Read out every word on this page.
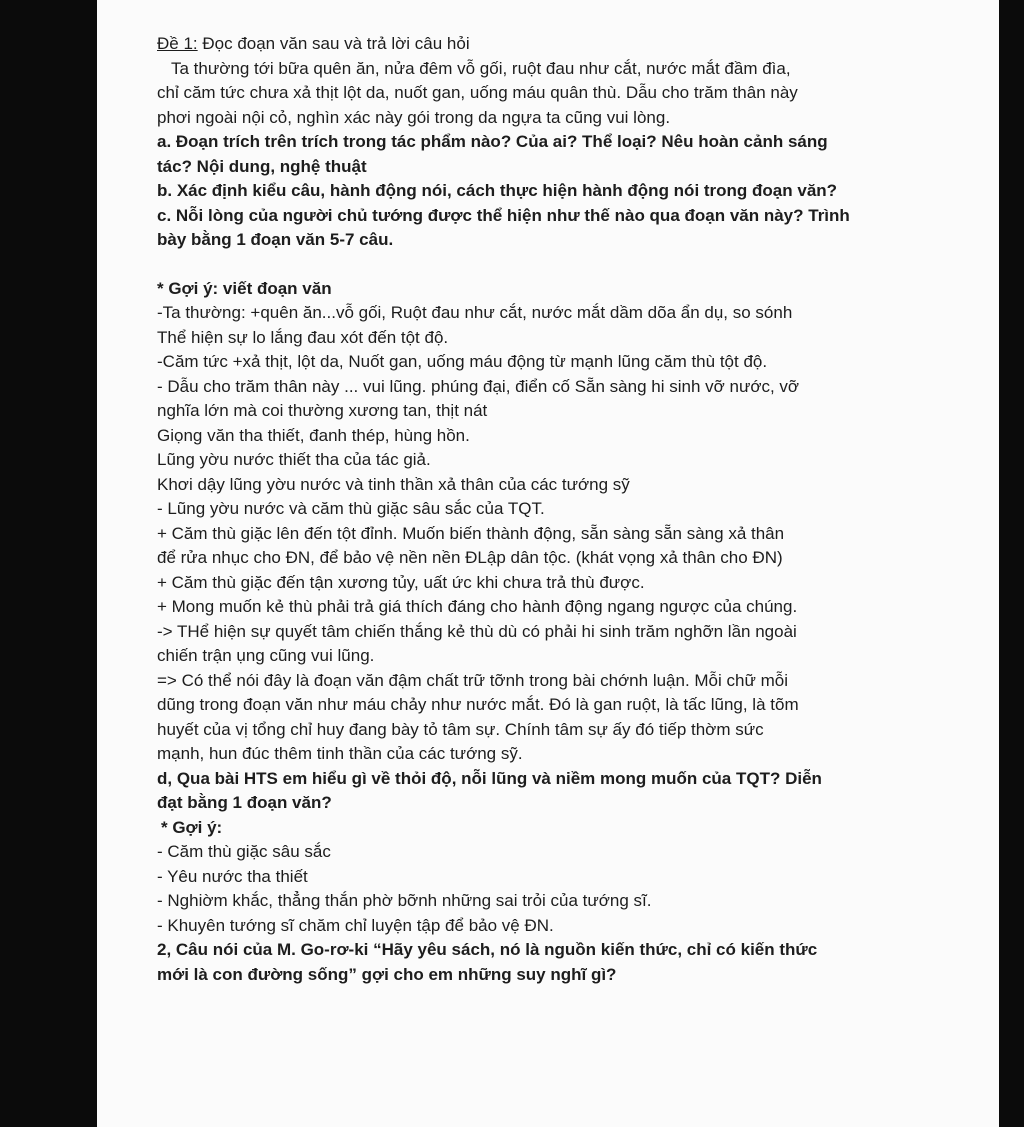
Đề 1: Đọc đoạn văn sau và trả lời câu hỏi
Ta thường tới bữa quên ăn, nửa đêm vỗ gối, ruột đau như cắt, nước mắt đầm đìa,
chỉ căm tức chưa xả thịt lột da, nuốt gan, uống máu quân thù. Dẫu cho trăm thân này
phơi ngoài nội cỏ, nghìn xác này gói trong da ngựa ta cũng vui lòng.
a. Đoạn trích trên trích trong tác phẩm nào? Của ai? Thể loại? Nêu hoàn cảnh sáng
tác? Nội dung, nghệ thuật
b. Xác định kiểu câu, hành động nói, cách thực hiện hành động nói trong đoạn văn?
c. Nỗi lòng của người chủ tướng được thể hiện như thế nào qua đoạn văn này? Trình
bày bằng 1 đoạn văn 5-7 câu.
* Gợi ý: viết đoạn văn
-Ta thường: +quên ăn...vỗ gối, Ruột đau như cắt, nước mắt dầm dõa ẩn dụ, so sónh
Thể hiện sự lo lắng đau xót đến tột độ.
-Căm tức +xả thịt, lột da, Nuốt gan, uống máu động từ mạnh lũng căm thù tột độ.
- Dẫu cho trăm thân này ... vui lũng. phúng đại, điển cố Sẵn sàng hi sinh vỡ nước, vỡ
nghĩa lớn mà coi thường xương tan, thịt nát
Giọng văn tha thiết, đanh thép, hùng hồn.
Lũng yờu nước thiết tha của tác giả.
Khơi dậy lũng yờu nước và tinh thần xả thân của các tướng sỹ
- Lũng yờu nước và căm thù giặc sâu sắc của TQT.
+ Căm thù giặc lên đến tột đỉnh. Muốn biến thành động, sẵn sàng sẵn sàng xả thân
để rửa nhục cho ĐN, để bảo vệ nền nền ĐLập dân tộc. (khát vọng xả thân cho ĐN)
+ Căm thù giặc đến tận xương tủy, uất ức khi chưa trả thù được.
+ Mong muốn kẻ thù phải trả giá thích đáng cho hành động ngang ngược của chúng.
-> THể hiện sự quyết tâm chiến thắng kẻ thù dù có phải hi sinh trăm nghỡn lần ngoài
chiến trận ụng cũng vui lũng.
=> Có thể nói đây là đoạn văn đậm chất trữ tỡnh trong bài chớnh luận. Mỗi chữ mỗi
dũng trong đoạn văn như máu chảy như nước mắt. Đó là gan ruột, là tấc lũng, là tõm
huyết của vị tổng chỉ huy đang bày tỏ tâm sự. Chính tâm sự ấy đó tiếp thờm sức
mạnh, hun đúc thêm tinh thần của các tướng sỹ.
d, Qua bài HTS em hiểu gì về thỏi độ, nỗi lũng và niềm mong muốn của TQT? Diễn
đạt bằng 1 đoạn văn?
* Gợi ý:
- Căm thù giặc sâu sắc
- Yêu nước tha thiết
- Nghiờm khắc, thẳng thắn phờ bỡnh những sai trỏi của tướng sĩ.
- Khuyên tướng sĩ chăm chỉ luyện tập để bảo vệ ĐN.
2, Câu nói của M. Go-rơ-ki “Hãy yêu sách, nó là nguồn kiến thức, chỉ có kiến thức
mới là con đường sống” gợi cho em những suy nghĩ gì?
